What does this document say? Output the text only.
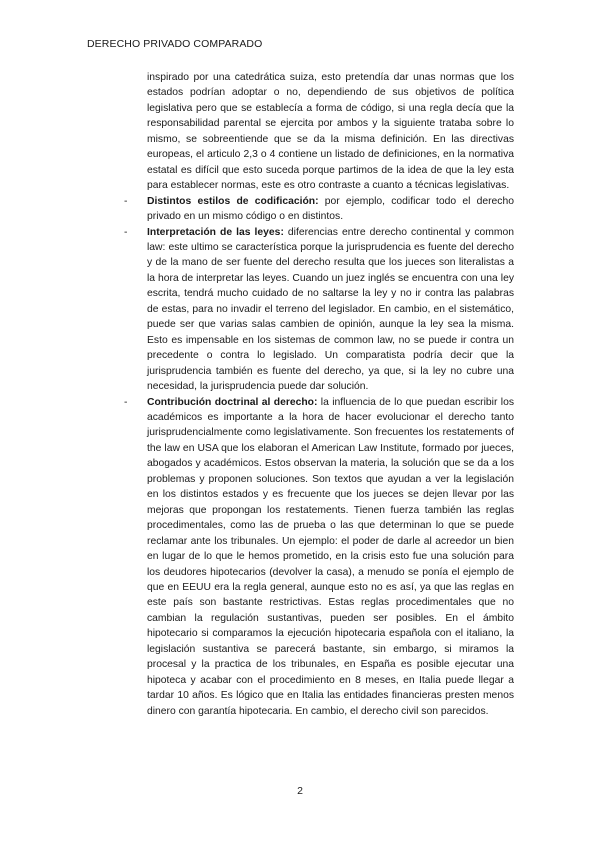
DERECHO PRIVADO COMPARADO

inspirado por una catedrática suiza, esto pretendía dar unas normas que los estados podrían adoptar o no, dependiendo de sus objetivos de política legislativa pero que se establecía a forma de código, si una regla decía que la responsabilidad parental se ejercita por ambos y la siguiente trataba sobre lo mismo, se sobreentiende que se da la misma definición. En las directivas europeas, el articulo 2,3 o 4 contiene un listado de definiciones, en la normativa estatal es difícil que esto suceda porque partimos de la idea de que la ley esta para establecer normas, este es otro contraste a cuanto a técnicas legislativas.

- Distintos estilos de codificación: por ejemplo, codificar todo el derecho privado en un mismo código o en distintos.
- Interpretación de las leyes: diferencias entre derecho continental y common law: este ultimo se característica porque la jurisprudencia es fuente del derecho y de la mano de ser fuente del derecho resulta que los jueces son literalistas a la hora de interpretar las leyes. Cuando un juez inglés se encuentra con una ley escrita, tendrá mucho cuidado de no saltarse la ley y no ir contra las palabras de estas, para no invadir el terreno del legislador. En cambio, en el sistemático, puede ser que varias salas cambien de opinión, aunque la ley sea la misma. Esto es impensable en los sistemas de common law, no se puede ir contra un precedente o contra lo legislado. Un comparatista podría decir que la jurisprudencia también es fuente del derecho, ya que, si la ley no cubre una necesidad, la jurisprudencia puede dar solución.
- Contribución doctrinal al derecho: la influencia de lo que puedan escribir los académicos es importante a la hora de hacer evolucionar el derecho tanto jurisprudencialmente como legislativamente. Son frecuentes los restatements of the law en USA que los elaboran el American Law Institute, formado por jueces, abogados y académicos. Estos observan la materia, la solución que se da a los problemas y proponen soluciones. Son textos que ayudan a ver la legislación en los distintos estados y es frecuente que los jueces se dejen llevar por las mejoras que propongan los restatements. Tienen fuerza también las reglas procedimentales, como las de prueba o las que determinan lo que se puede reclamar ante los tribunales. Un ejemplo: el poder de darle al acreedor un bien en lugar de lo que le hemos prometido, en la crisis esto fue una solución para los deudores hipotecarios (devolver la casa), a menudo se ponía el ejemplo de que en EEUU era la regla general, aunque esto no es así, ya que las reglas en este país son bastante restrictivas. Estas reglas procedimentales que no cambian la regulación sustantivas, pueden ser posibles. En el ámbito hipotecario si comparamos la ejecución hipotecaria española con el italiano, la legislación sustantiva se parecerá bastante, sin embargo, si miramos la procesal y la practica de los tribunales, en España es posible ejecutar una hipoteca y acabar con el procedimiento en 8 meses, en Italia puede llegar a tardar 10 años. Es lógico que en Italia las entidades financieras presten menos dinero con garantía hipotecaria. En cambio, el derecho civil son parecidos.
2
